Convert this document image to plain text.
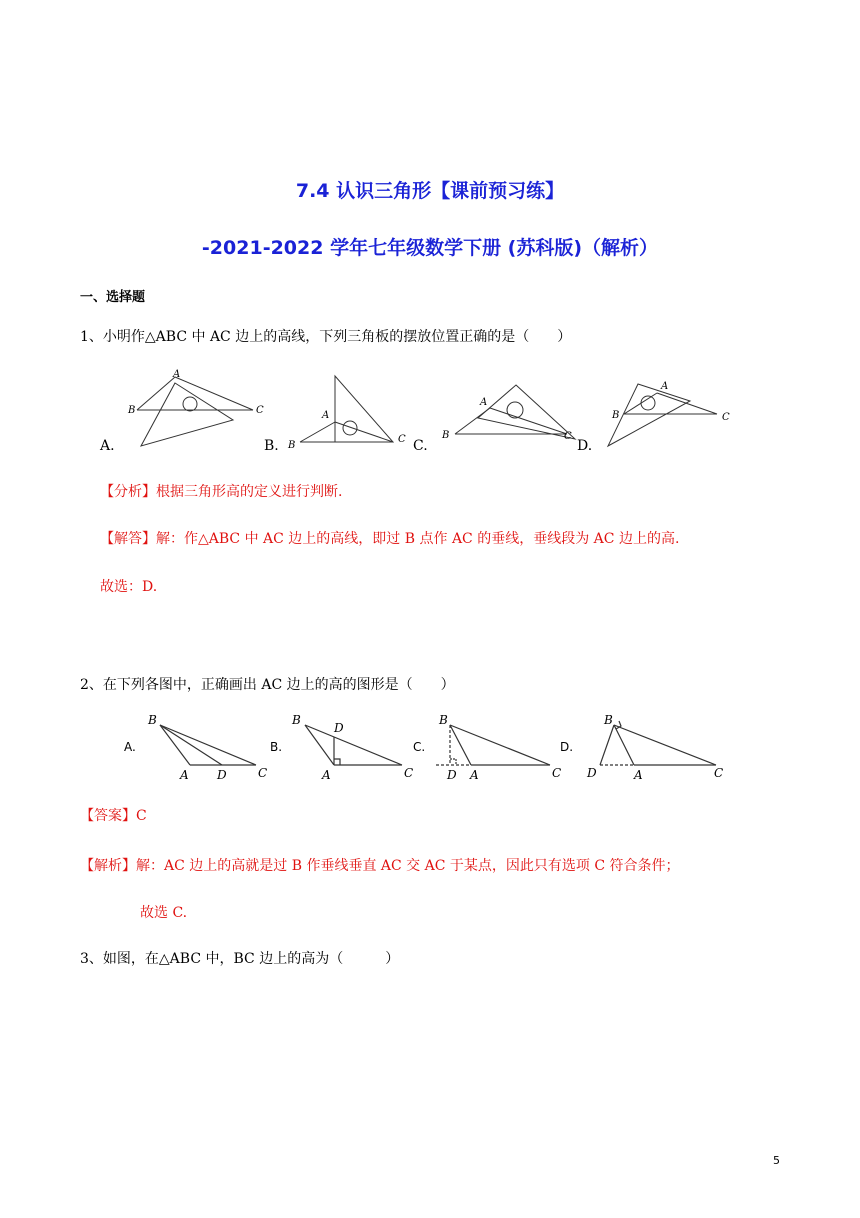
7.4 认识三角形【课前预习练】
-2021-2022 学年七年级数学下册 (苏科版)（解析）
一、选择题
1、小明作△ABC 中 AC 边上的高线，下列三角板的摆放位置正确的是（　　）
A
B	C	A
B
C
A
B	C
A
B	C
A.	B.	C.	D.
【分析】根据三角形高的定义进行判断.
【解答】解：作△ABC 中 AC 边上的高线，即过 B 点作 AC 的垂线，垂线段为 AC 边上的高.
故选：D.
2、在下列各图中，正确画出 AC 边上的高的图形是（　　）
B
A D	C
B
D
A	C
B
D A	C
B
D	A	C
A.	B.	C.	D.
【答案】C
【解析】解：AC 边上的高就是过 B 作垂线垂直 AC 交 AC 于某点，因此只有选项 C 符合条件；
故选 C.
3、如图，在△ABC 中，BC 边上的高为（　　　）
5
